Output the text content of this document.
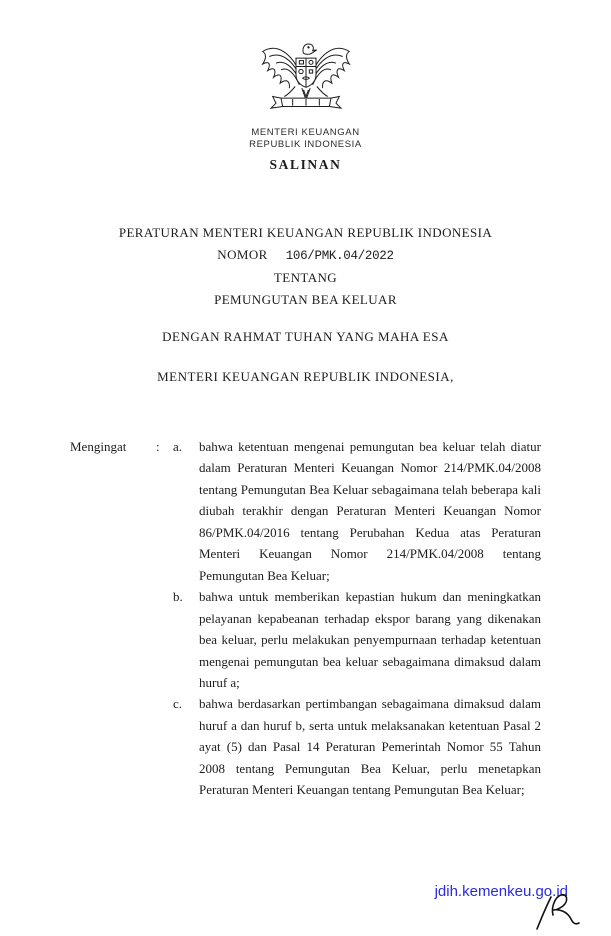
MENTERI KEUANGAN
REPUBLIK INDONESIA
SALINAN
PERATURAN MENTERI KEUANGAN REPUBLIK INDONESIA
NOMOR 106/PMK.04/2022
TENTANG
PEMUNGUTAN BEA KELUAR
DENGAN RAHMAT TUHAN YANG MAHA ESA
MENTERI KEUANGAN REPUBLIK INDONESIA,
Mengingat	:	a.	bahwa ketentuan mengenai pemungutan bea keluar telah diatur dalam Peraturan Menteri Keuangan Nomor 214/PMK.04/2008 tentang Pemungutan Bea Keluar sebagaimana telah beberapa kali diubah terakhir dengan Peraturan Menteri Keuangan Nomor 86/PMK.04/2016 tentang Perubahan Kedua atas Peraturan Menteri Keuangan Nomor 214/PMK.04/2008 tentang Pemungutan Bea Keluar;
b.	bahwa untuk memberikan kepastian hukum dan meningkatkan pelayanan kepabeanan terhadap ekspor barang yang dikenakan bea keluar, perlu melakukan penyempurnaan terhadap ketentuan mengenai pemungutan bea keluar sebagaimana dimaksud dalam huruf a;
c.	bahwa berdasarkan pertimbangan sebagaimana dimaksud dalam huruf a dan huruf b, serta untuk melaksanakan ketentuan Pasal 2 ayat (5) dan Pasal 14 Peraturan Pemerintah Nomor 55 Tahun 2008 tentang Pemungutan Bea Keluar, perlu menetapkan Peraturan Menteri Keuangan tentang Pemungutan Bea Keluar;
jdih.kemenkeu.go.id
